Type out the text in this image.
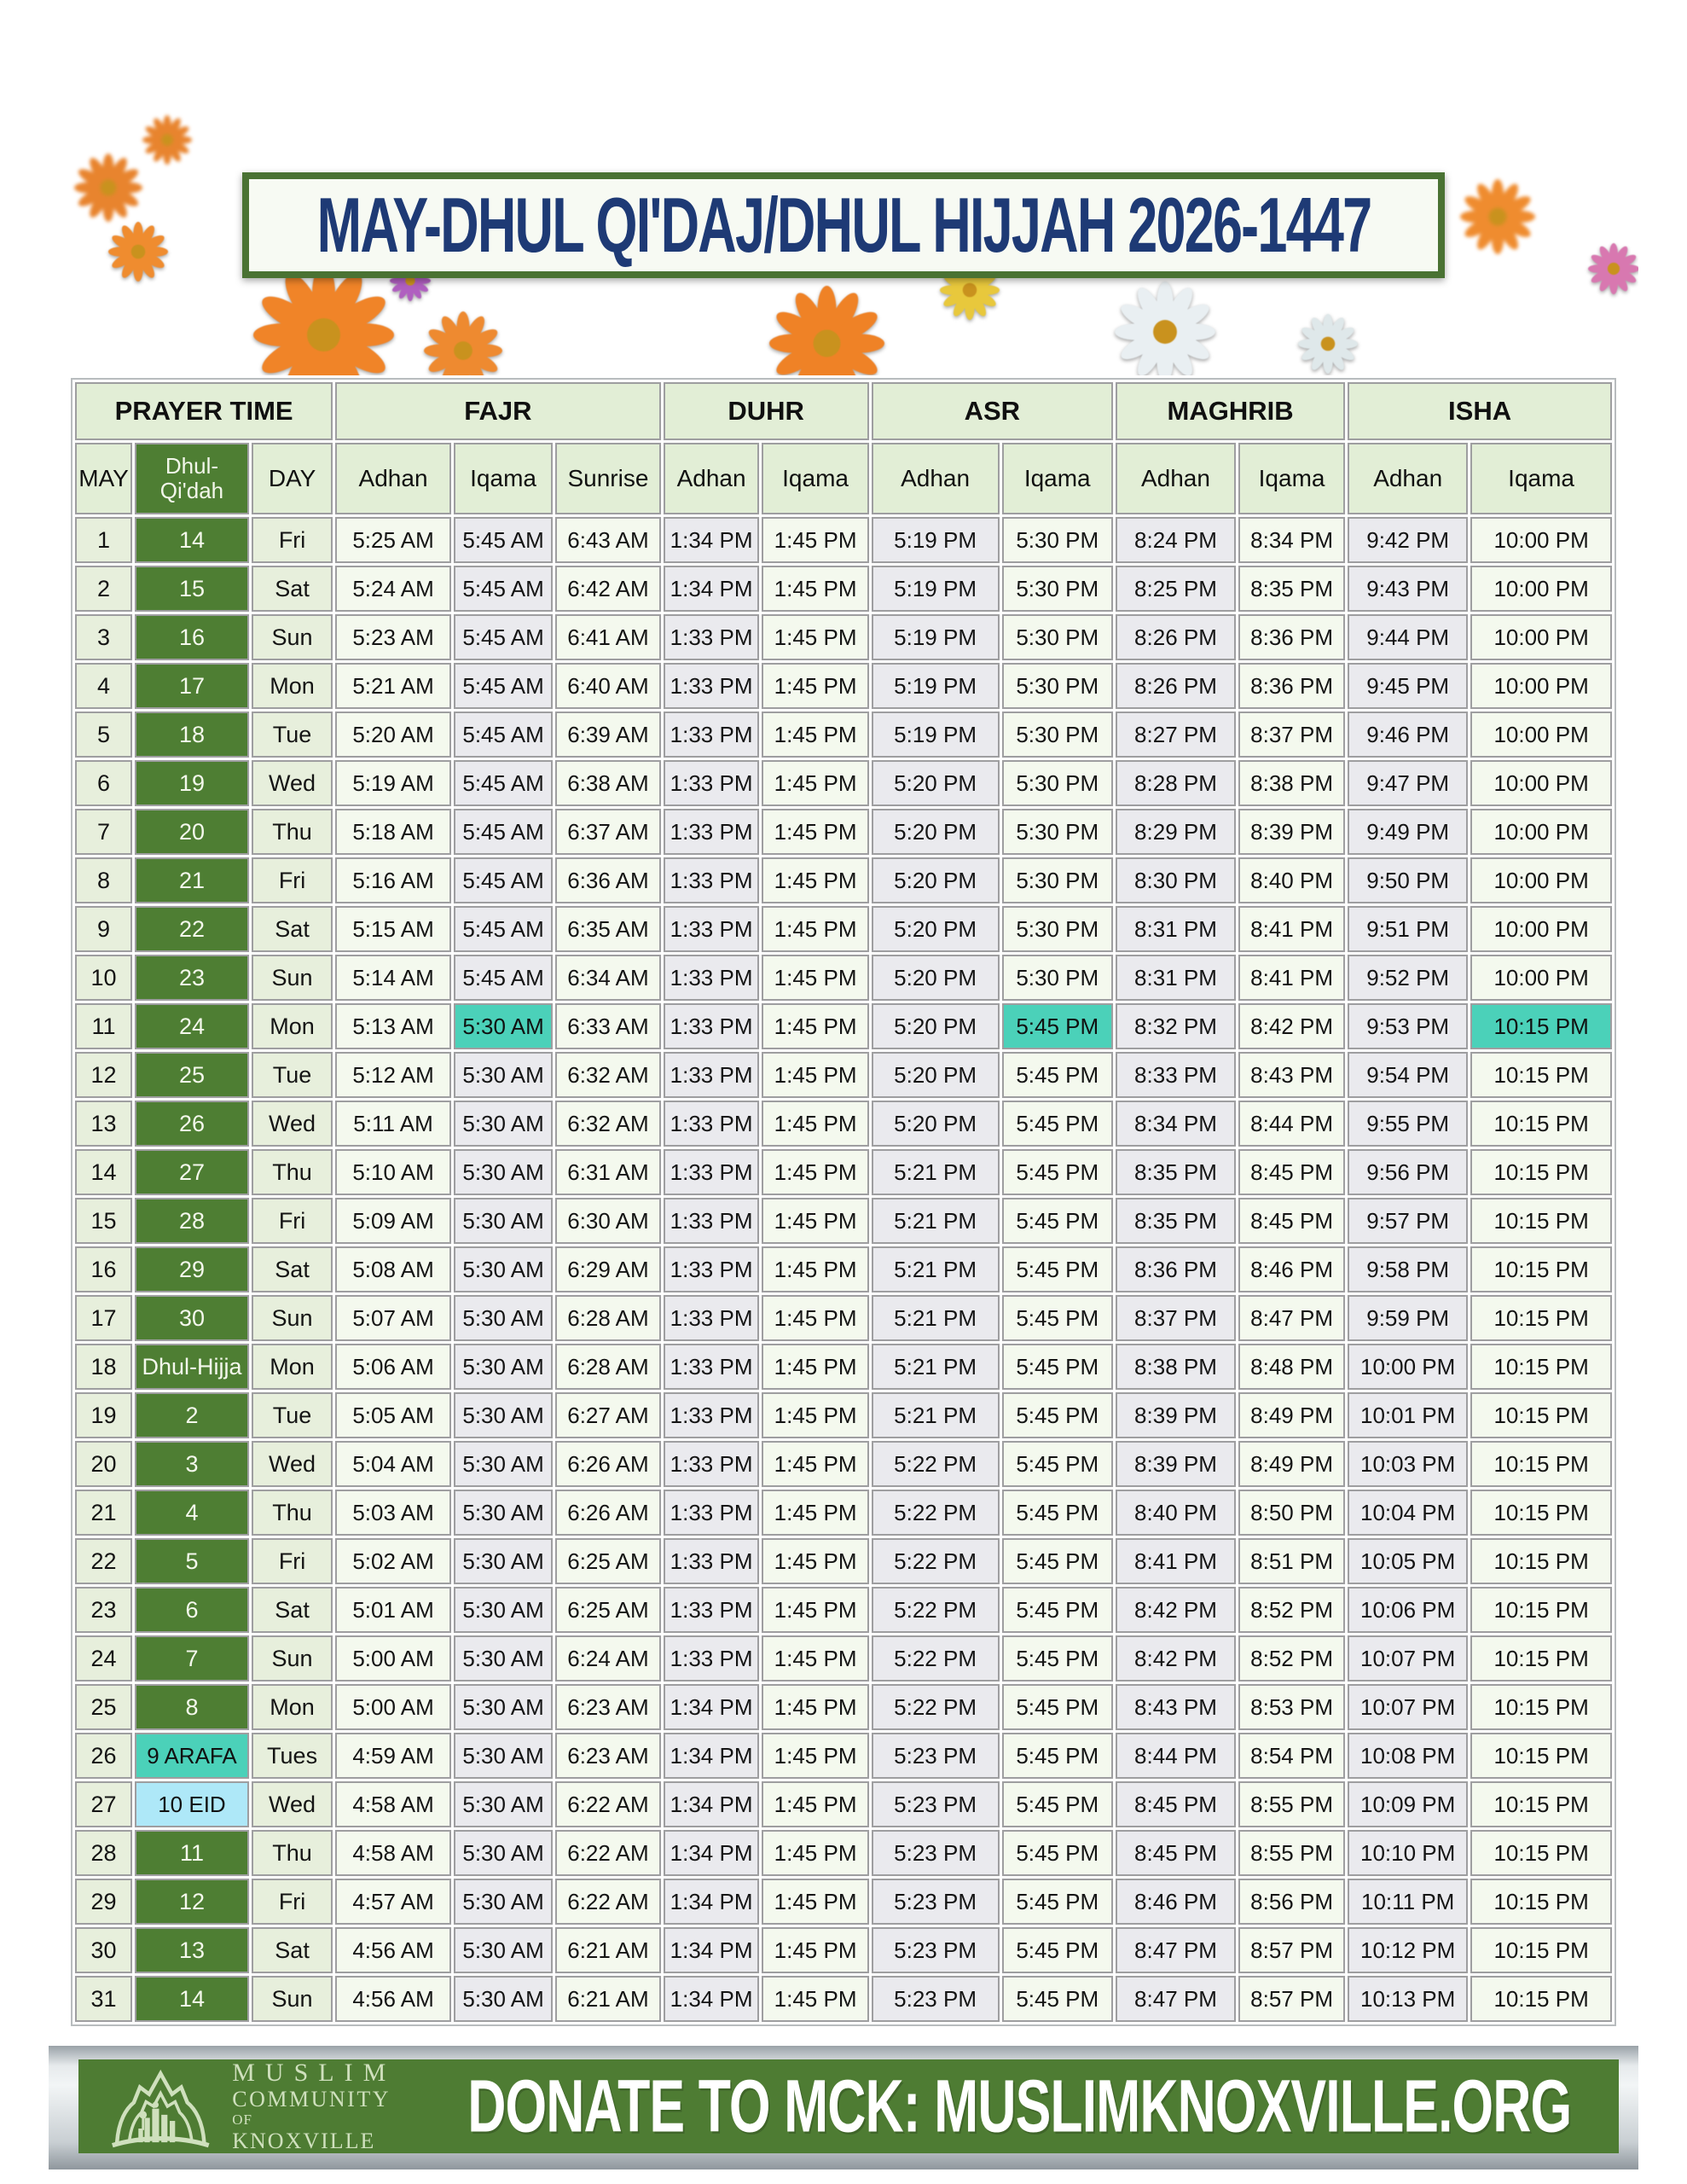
MAY-DHUL QI'DAJ/DHUL HIJJAH 2026-1447
PRAYER TIME			FAJR			DUHR		ASR		MAGHRIB		ISHA	
MAY	Dhul-Qi'dah	DAY	Adhan	Iqama	Sunrise	Adhan	Iqama	Adhan	Iqama	Adhan	Iqama	Adhan	Iqama
1	14	Fri	5:25 AM	5:45 AM	6:43 AM	1:34 PM	1:45 PM	5:19 PM	5:30 PM	8:24 PM	8:34 PM	9:42 PM	10:00 PM
2	15	Sat	5:24 AM	5:45 AM	6:42 AM	1:34 PM	1:45 PM	5:19 PM	5:30 PM	8:25 PM	8:35 PM	9:43 PM	10:00 PM
3	16	Sun	5:23 AM	5:45 AM	6:41 AM	1:33 PM	1:45 PM	5:19 PM	5:30 PM	8:26 PM	8:36 PM	9:44 PM	10:00 PM
4	17	Mon	5:21 AM	5:45 AM	6:40 AM	1:33 PM	1:45 PM	5:19 PM	5:30 PM	8:26 PM	8:36 PM	9:45 PM	10:00 PM
5	18	Tue	5:20 AM	5:45 AM	6:39 AM	1:33 PM	1:45 PM	5:19 PM	5:30 PM	8:27 PM	8:37 PM	9:46 PM	10:00 PM
6	19	Wed	5:19 AM	5:45 AM	6:38 AM	1:33 PM	1:45 PM	5:20 PM	5:30 PM	8:28 PM	8:38 PM	9:47 PM	10:00 PM
7	20	Thu	5:18 AM	5:45 AM	6:37 AM	1:33 PM	1:45 PM	5:20 PM	5:30 PM	8:29 PM	8:39 PM	9:49 PM	10:00 PM
8	21	Fri	5:16 AM	5:45 AM	6:36 AM	1:33 PM	1:45 PM	5:20 PM	5:30 PM	8:30 PM	8:40 PM	9:50 PM	10:00 PM
9	22	Sat	5:15 AM	5:45 AM	6:35 AM	1:33 PM	1:45 PM	5:20 PM	5:30 PM	8:31 PM	8:41 PM	9:51 PM	10:00 PM
10	23	Sun	5:14 AM	5:45 AM	6:34 AM	1:33 PM	1:45 PM	5:20 PM	5:30 PM	8:31 PM	8:41 PM	9:52 PM	10:00 PM
11	24	Mon	5:13 AM	5:30 AM	6:33 AM	1:33 PM	1:45 PM	5:20 PM	5:45 PM	8:32 PM	8:42 PM	9:53 PM	10:15 PM
12	25	Tue	5:12 AM	5:30 AM	6:32 AM	1:33 PM	1:45 PM	5:20 PM	5:45 PM	8:33 PM	8:43 PM	9:54 PM	10:15 PM
13	26	Wed	5:11 AM	5:30 AM	6:32 AM	1:33 PM	1:45 PM	5:20 PM	5:45 PM	8:34 PM	8:44 PM	9:55 PM	10:15 PM
14	27	Thu	5:10 AM	5:30 AM	6:31 AM	1:33 PM	1:45 PM	5:21 PM	5:45 PM	8:35 PM	8:45 PM	9:56 PM	10:15 PM
15	28	Fri	5:09 AM	5:30 AM	6:30 AM	1:33 PM	1:45 PM	5:21 PM	5:45 PM	8:35 PM	8:45 PM	9:57 PM	10:15 PM
16	29	Sat	5:08 AM	5:30 AM	6:29 AM	1:33 PM	1:45 PM	5:21 PM	5:45 PM	8:36 PM	8:46 PM	9:58 PM	10:15 PM
17	30	Sun	5:07 AM	5:30 AM	6:28 AM	1:33 PM	1:45 PM	5:21 PM	5:45 PM	8:37 PM	8:47 PM	9:59 PM	10:15 PM
18	Dhul-Hijja	Mon	5:06 AM	5:30 AM	6:28 AM	1:33 PM	1:45 PM	5:21 PM	5:45 PM	8:38 PM	8:48 PM	10:00 PM	10:15 PM
19	2	Tue	5:05 AM	5:30 AM	6:27 AM	1:33 PM	1:45 PM	5:21 PM	5:45 PM	8:39 PM	8:49 PM	10:01 PM	10:15 PM
20	3	Wed	5:04 AM	5:30 AM	6:26 AM	1:33 PM	1:45 PM	5:22 PM	5:45 PM	8:39 PM	8:49 PM	10:03 PM	10:15 PM
21	4	Thu	5:03 AM	5:30 AM	6:26 AM	1:33 PM	1:45 PM	5:22 PM	5:45 PM	8:40 PM	8:50 PM	10:04 PM	10:15 PM
22	5	Fri	5:02 AM	5:30 AM	6:25 AM	1:33 PM	1:45 PM	5:22 PM	5:45 PM	8:41 PM	8:51 PM	10:05 PM	10:15 PM
23	6	Sat	5:01 AM	5:30 AM	6:25 AM	1:33 PM	1:45 PM	5:22 PM	5:45 PM	8:42 PM	8:52 PM	10:06 PM	10:15 PM
24	7	Sun	5:00 AM	5:30 AM	6:24 AM	1:33 PM	1:45 PM	5:22 PM	5:45 PM	8:42 PM	8:52 PM	10:07 PM	10:15 PM
25	8	Mon	5:00 AM	5:30 AM	6:23 AM	1:34 PM	1:45 PM	5:22 PM	5:45 PM	8:43 PM	8:53 PM	10:07 PM	10:15 PM
26	9 ARAFA	Tues	4:59 AM	5:30 AM	6:23 AM	1:34 PM	1:45 PM	5:23 PM	5:45 PM	8:44 PM	8:54 PM	10:08 PM	10:15 PM
27	10 EID	Wed	4:58 AM	5:30 AM	6:22 AM	1:34 PM	1:45 PM	5:23 PM	5:45 PM	8:45 PM	8:55 PM	10:09 PM	10:15 PM
28	11	Thu	4:58 AM	5:30 AM	6:22 AM	1:34 PM	1:45 PM	5:23 PM	5:45 PM	8:45 PM	8:55 PM	10:10 PM	10:15 PM
29	12	Fri	4:57 AM	5:30 AM	6:22 AM	1:34 PM	1:45 PM	5:23 PM	5:45 PM	8:46 PM	8:56 PM	10:11 PM	10:15 PM
30	13	Sat	4:56 AM	5:30 AM	6:21 AM	1:34 PM	1:45 PM	5:23 PM	5:45 PM	8:47 PM	8:57 PM	10:12 PM	10:15 PM
31	14	Sun	4:56 AM	5:30 AM	6:21 AM	1:34 PM	1:45 PM	5:23 PM	5:45 PM	8:47 PM	8:57 PM	10:13 PM	10:15 PM
MUSLIM
COMMUNITY
OF KNOXVILLE	DONATE TO MCK: MUSLIMKNOXVILLE.ORG
